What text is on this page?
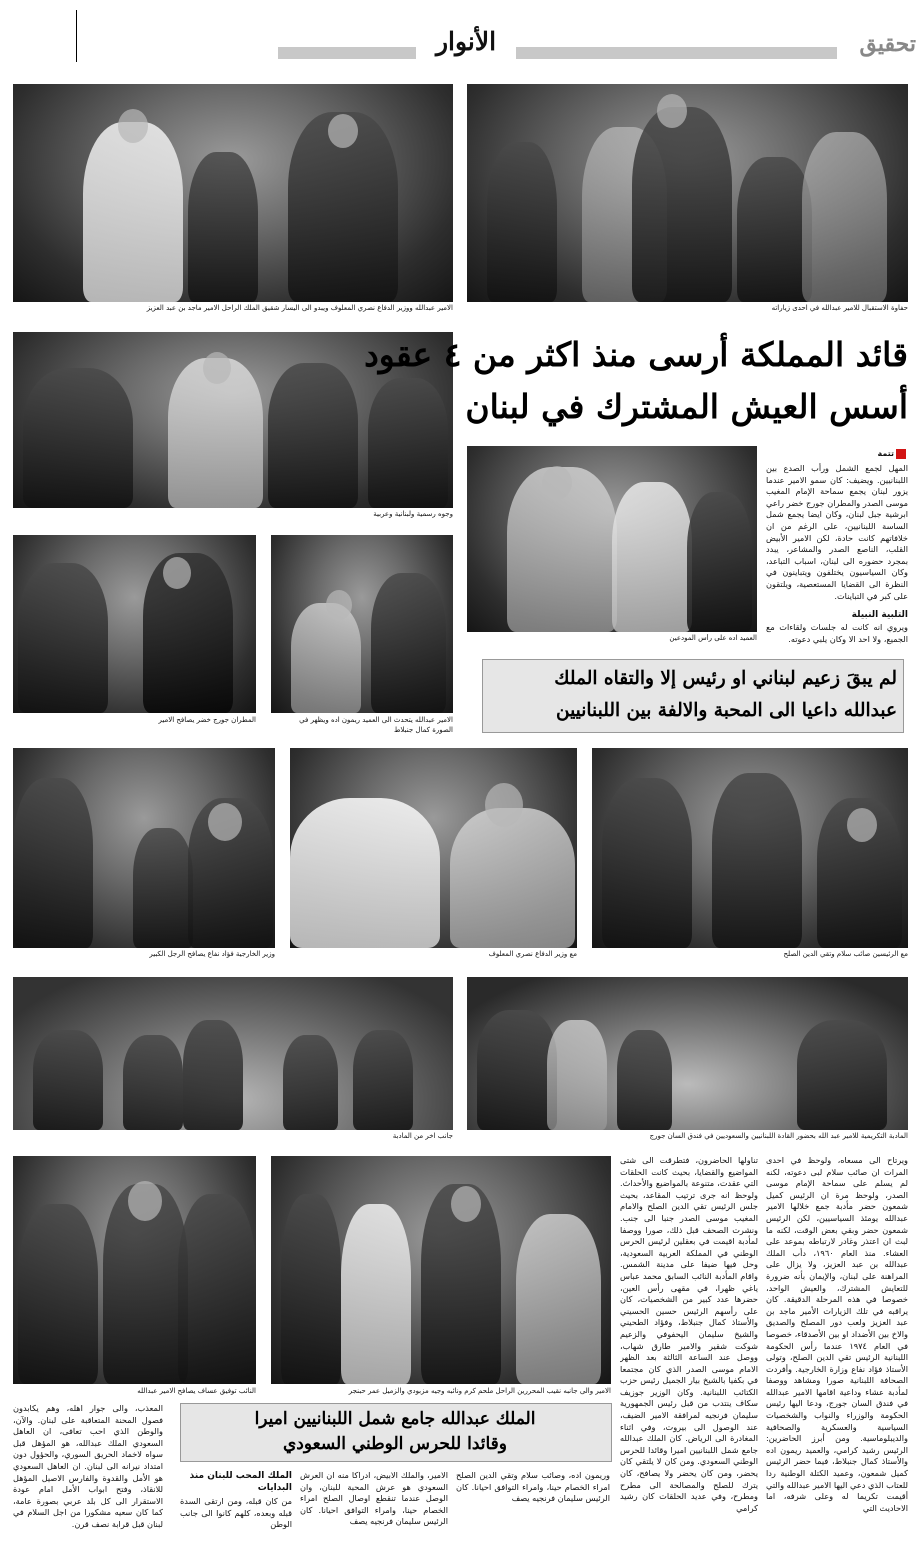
الأنوار	تحقيق
الامير عبدالله ووزير الدفاع نصري المعلوف ويبدو الى اليسار شقيق الملك الراحل الامير ماجد بن عبد العزيز	حفاوة الاستقبال للامير عبدالله في احدى زياراته
وجوه رسمية ولبنانية وعربية
قائد المملكة أرسى منذ اكثر من ٤ عقود
أسس العيش المشترك في لبنان
العميد اده على رأس المودعين
تتمة

المهل لجمع الشمل ورأب الصدع بين اللبنانيين. ويضيف: كان سمو الامير عندما يزور لبنان يجمع سماحة الإمام المغيب موسى الصدر والمطران جورج خضر راعي ابرشية جبل لبنان، وكان ايضا يجمع شمل الساسة اللبنانيين، على الرغم من ان خلافاتهم كانت حادة، لكن الامير الأبيض القلب، الناصع الصدر والمشاعر، يبدد بمجرد حضوره الى لبنان، اسباب التباعد، وكان السياسيون يختلفون ويتباينون في النظرة الى القضايا المستعصية، ويلتقون على كبر في التباينات.

التلبية النبيلة

ويروي انه كانت له جلسات ولقاءات مع الجميع، ولا احد الا وكان يلبي دعوته.

المطران جورج خضر يصافح الامير	الامير عبدالله يتحدث الى العميد ريمون اده ويظهر في
الصورة كمال جنبلاط
لم يبقَ زعيم لبناني او رئيس إلا والتقاه الملك
عبدالله داعيا الى المحبة والالفة بين اللبنانيين
وزير الخارجية فؤاد نفاع يصافح الرجل الكبير	مع وزير الدفاع نصري المعلوف	مع الرئيسين صائب سلام وتقي الدين الصلح
جانب اخر من المأدبة	المأدبة التكريمية للامير عبد الله بحضور القادة اللبنانيين والسعوديين في فندق السان جورج
النائب توفيق عساف يصافح الامير عبدالله	الامير والى جانبه نقيب المحررين الراحل ملحم كرم ونائبه وجيه مزبودي والزميل عمر حبنجر

ويرتاح الى مسعاه، ولوحظ في احدى المرات ان صائب سلام لبى دعوته، لكنه لم يسلم على سماحة الإمام موسى الصدر، ولوحظ مرة ان الرئيس كميل شمعون حضر مأدبة جمع خلالها الامير عبدالله يومئذ السياسيين، لكن الرئيس شمعون حضر وبقي بعض الوقت، لكنه ما لبث ان اعتذر وغادر لارتباطه بموعد على العشاء. منذ العام ١٩٦٠، دأب الملك عبدالله بن عبد العزيز، ولا يزال على المراهنة على لبنان، والإيمان بأنه ضرورة للتعايش المشترك، والعيش الواحد، خصوصا في هذه المرحلة الدقيقة. كان يراقبه في تلك الزيارات الأمير ماجد بن عبد العزيز ولعب دور المصلح والصديق والاخ بين الأضداد او بين الأصدقاء، خصوصا في العام ١٩٧٤ عندما رأس الحكومة اللبنانية الرئيس تقي الدين الصلح، وتولى الأستاذ فؤاد نفاع وزارة الخارجية. وأفردت الصحافة اللبنانية صورا ومشاهد ووصفا لمأدبة عشاء وداعية اقامها الامير عبدالله في فندق السان جورج، ودعا اليها رئيس الحكومة والوزراء والنواب والشخصيات السياسية والعسكرية والصحافية والديبلوماسية. ومن أبرز الحاضرين: الرئيس رشيد كرامي، والعميد ريمون اده والأستاذ كمال جنبلاط، فيما حضر الرئيس كميل شمعون، وعميد الكتلة الوطنية ردا للعتاب الذي دعي اليها الامير عبدالله والتي أقيمت تكريما له وعلى شرفه، اما الاحاديث التي

تناولها الحاضرون، فتطرقت الى شتى المواضيع والقضايا، بحيث كانت الحلقات التي عقدت، متنوعة بالمواضيع والأحداث. ولوحظ انه جرى ترتيب المقاعد، بحيث جلس الرئيس تقي الدين الصلح والامام المغيب موسى الصدر جنبا الى جنب. ونشرت الصحف قبل ذلك، صورا ووصفا لمأدبة اقيمت في بعقلين لرئيس الحرس الوطني في المملكة العربية السعودية، وحل فيها ضيفا على مدينة الشمس. واقام المأدبة النائب السابق محمد عباس ياغي ظهرا، في مقهى رأس العين، حضرها عدد كبير من الشخصيات، كان على رأسهم الرئيس حسين الحسيني والأستاذ كمال جنبلاط، وفؤاد الطحيني والشيخ سليمان اليحفوفي والزعيم شوكت شقير والامير طارق شهاب، ووصل عند الساعة الثالثة بعد الظهر الامام موسى الصدر الذي كان مجتمعا في بكفيا بالشيخ بيار الجميل رئيس حزب الكتائب اللبنانية. وكان الوزير جوزيف سكاف ينتدب من قبل رئيس الجمهورية سليمان فرنجيه لمرافقة الامير الضيف، عند الوصول الى بيروت، وفي اثناء المغادرة الى الرياض. كان الملك عبدالله جامع شمل اللبنانيين اميرا وقائدا للحرس الوطني السعودي. ومن كان لا يلتقي كان يحضر، ومن كان يحضر ولا يصافح، كان يترك للصلح والمصالحة الى مطرح ومطرح، وفي عديد الحلقات كان رشيد كرامي

الملك عبدالله جامع شمل اللبنانيين اميرا
وقائدا للحرس الوطني السعودي

المعذب، والى جوار اهله، وهم يكابدون فصول المحنة المتعاقبة على لبنان. والآن، والوطن الذي احب تعافى، ان العاهل السعودي الملك عبدالله، هو المؤهل قبل سواه لاخماد الحريق السوري، والحؤول دون امتداد نيرانه الى لبنان. ان العاهل السعودي هو الأمل والقدوة والفارس الاصيل المؤهل للانقاذ، وفتح ابواب الأمل امام عودة الاستقرار الى كل بلد عربي بصورة عامة، كما كان سعيه مشكورا من اجل السلام في لبنان قبل قرابة نصف قرن.

الملك المحب للبنان منذ البدايات

من كان قبله، ومن ارتقى السدة قبله وبعده، كلهم كانوا الى جانب الوطن

الامير، والملك الابيض، ادراكا منه ان العرش السعودي هو عرش المحبة للبنان، وان الوصل عندما تنقطع اوصال الصلح امراء الخصام حينا، وامراء التوافق احيانا. كان الرئيس سليمان فرنجيه يصف

وريمون اده، وصائب سلام وتقي الدين الصلح امراء الخصام حينا، وامراء التوافق احيانا. كان الرئيس سليمان فرنجيه يصف
